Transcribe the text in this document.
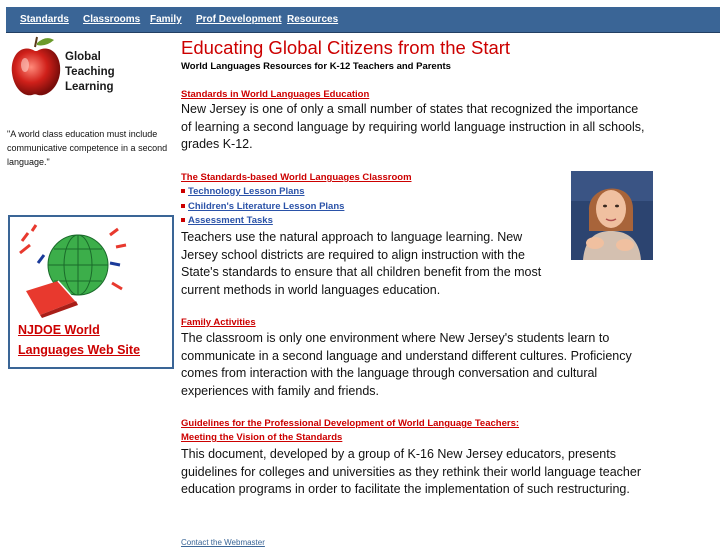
Standards Classrooms Family Prof Development Resources
Global
Teaching
Learning
"A world class education must include communicative competence in a second language."
NJDOE World Languages Web Site
Educating Global Citizens from the Start
World Languages Resources for K-12 Teachers and Parents
Standards in World Languages Education
New Jersey is one of only a small number of states that recognized the importance of learning a second language by requiring world language instruction in all schools, grades K-12.
The Standards-based World Languages Classroom
Technology Lesson Plans
Children's Literature Lesson Plans
Assessment Tasks
Teachers use the natural approach to language learning. New Jersey school districts are required to align instruction with the State's standards to ensure that all children benefit from the most current methods in world languages education.
Family Activities
The classroom is only one environment where New Jersey's students learn to communicate in a second language and understand different cultures. Proficiency comes from interaction with the language through conversation and cultural experiences with family and friends.
Guidelines for the Professional Development of World Language Teachers:
Meeting the Vision of the Standards
This document, developed by a group of K-16 New Jersey educators, presents guidelines for colleges and universities as they rethink their world language teacher education programs in order to facilitate the implementation of such restructuring.
Contact the Webmaster
